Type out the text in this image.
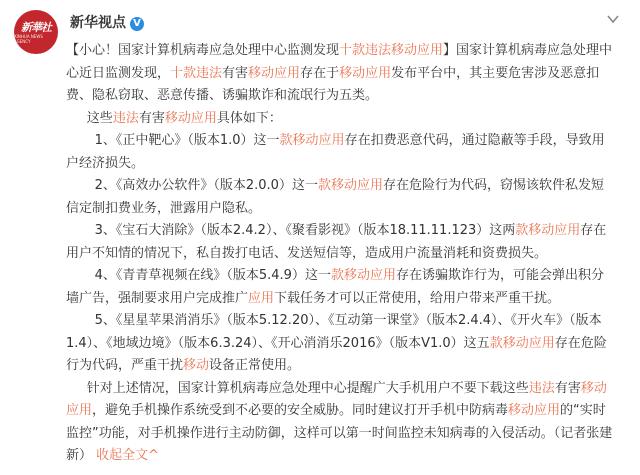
新華社
XINHUA NEWS AGENCY
新华视点 V

【小心！国家计算机病毒应急处理中心监测发现十款违法移动应用】国家计算机病毒应急处理中心近日监测发现，十款违法有害移动应用存在于移动应用发布平台中，其主要危害涉及恶意扣费、隐私窃取、恶意传播、诱骗欺诈和流氓行为五类。

这些违法有害移动应用具体如下：

1、《正中靶心》（版本1.0）这一款移动应用存在扣费恶意代码，通过隐蔽等手段，导致用户经济损失。

2、《高效办公软件》（版本2.0.0）这一款移动应用存在危险行为代码，窃惕该软件私发短信定制扣费业务，泄露用户隐私。

3、《宝石大消除》（版本2.4.2）、《聚看影视》（版本18.11.11.123）这两款移动应用存在用户不知情的情况下，私自拨打电话、发送短信等，造成用户流量消耗和资费损失。

4、《青青草视频在线》（版本5.4.9）这一款移动应用存在诱骗欺诈行为，可能会弹出积分墙广告，强制要求用户完成推广应用下载任务才可以正常使用，给用户带来严重干扰。

5、《星星苹果消消乐》（版本5.12.20）、《互动第一课堂》（版本2.4.4）、《开火车》（版本1.4）、《地域边境》（版本6.3.24）、《开心消消乐2016》（版本V1.0）这五款移动应用存在危险行为代码，严重干扰移动设备正常使用。

针对上述情况，国家计算机病毒应急处理中心提醒广大手机用户不要下载这些违法有害移动应用，避免手机操作系统受到不必要的安全威胁。同时建议打开手机中防病毒移动应用的“实时监控”功能，对手机操作进行主动防御，这样可以第一时间监控未知病毒的入侵活动。（记者张建新） 收起全文^
